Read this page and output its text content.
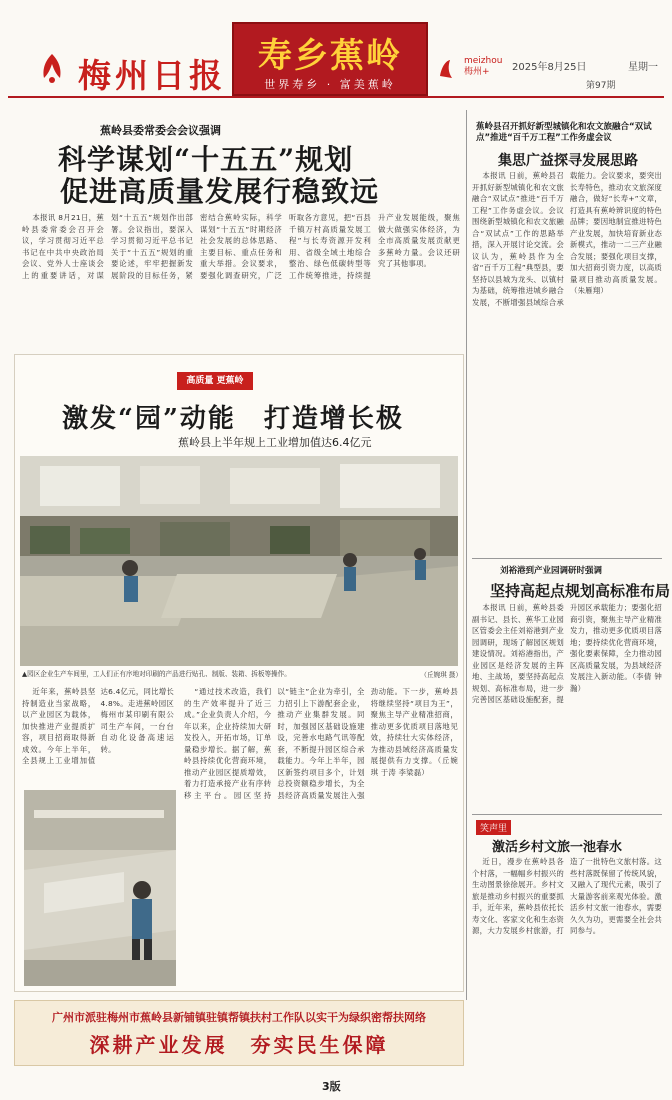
梅州日报 寿乡蕉岭
世界寿乡 · 富美蕉岭
meizhou
梅州+	2025年8月25日	星期一
第97期
蕉岭县委常委会会议强调
科学谋划“十五五”规划
促进高质量发展行稳致远

本报讯 8月21日，蕉岭县委常委会召开会议，学习贯彻习近平总书记在中共中央政治局会议、党外人士座谈会上的重要讲话，对谋划“十五五”规划作出部署。会议指出，要深入学习贯彻习近平总书记关于“十五五”规划的重要论述，牢牢把握新发展阶段的目标任务，紧密结合蕉岭实际，科学谋划“十五五”时期经济社会发展的总体思路、主要目标、重点任务和重大举措。会议要求，要强化调查研究，广泛听取各方意见，把“百县千镇万村高质量发展工程”与长寿资源开发利用、省级全域土地综合整治、绿色低碳转型等工作统筹推进，持续提升产业发展能级，聚焦做大做强实体经济，为全市高质量发展贡献更多蕉岭力量。会议还研究了其他事项。

蕉岭县召开抓好新型城镇化和农文旅融合“双试点”推进“百千万工程”工作务虚会议
集思广益探寻发展思路

本报讯 日前，蕉岭县召开抓好新型城镇化和农文旅融合“双试点”推进“百千万工程”工作务虚会议。会议围绕新型城镇化和农文旅融合“双试点”工作的思路举措，深入开展讨论交流。会议认为，蕉岭县作为全省“百千万工程”典型县，要坚持以县城为龙头、以镇村为基础，统筹推进城乡融合发展，不断增强县域综合承载能力。会议要求，要突出长寿特色，推动农文旅深度融合，做好“长寿+”文章，打造具有蕉岭辨识度的特色品牌；要因地制宜推进特色产业发展，加快培育新业态新模式，推动一二三产业融合发展；要强化项目支撑，加大招商引资力度，以高质量项目推动高质量发展。（朱雁翔）

高质量 更蕉岭
激发“园”动能　打造增长极
蕉岭县上半年规上工业增加值达6.4亿元
▲园区企业生产车间里，工人们正有序地对印刷的产品进行贴孔、制版、装箱、拆板等操作。	（丘婉琪 摄）

近年来，蕉岭县坚持制造业当家战略，以产业园区为载体，加快推进产业提质扩容，项目招商取得新成效。今年上半年，全县规上工业增加值达6.4亿元，同比增长4.8%。走进蕉岭园区梅州市某印刷有限公司生产车间，一台台自动化设备高速运转。

“通过技术改造，我们的生产效率提升了近三成。”企业负责人介绍，今年以来，企业持续加大研发投入，开拓市场，订单量稳步增长。据了解，蕉岭县持续优化营商环境，推动产业园区提质增效，着力打造承接产业有序转移主平台。园区坚持以“链主”企业为牵引，全力招引上下游配套企业，推动产业集群发展。同时，加强园区基础设施建设，完善水电路气讯等配套，不断提升园区综合承载能力。今年上半年，园区新签约项目多个，计划总投资额稳步增长，为全县经济高质量发展注入强劲动能。下一步，蕉岭县将继续坚持“项目为王”，聚焦主导产业精准招商，推动更多优质项目落地见效，持续壮大实体经济，为推动县域经济高质量发展提供有力支撑。（丘婉琪 于涛 李梁磊）

刘裕港到产业园调研时强调
坚持高起点规划高标准布局

本报讯 日前，蕉岭县委副书记、县长、蕉华工业园区管委会主任刘裕港到产业园调研，现场了解园区规划建设情况。刘裕港指出，产业园区是经济发展的主阵地、主战场，要坚持高起点规划、高标准布局，进一步完善园区基础设施配套，提升园区承载能力；要强化招商引资，聚焦主导产业精准发力，推动更多优质项目落地；要持续优化营商环境，强化要素保障，全力推动园区高质量发展，为县域经济发展注入新动能。（李倩 钟瀚）

笑声里
激活乡村文旅一池春水

近日，漫步在蕉岭县各个村落，一幅幅乡村振兴的生动图景徐徐展开。乡村文旅是推动乡村振兴的重要抓手，近年来，蕉岭县依托长寿文化、客家文化和生态资源，大力发展乡村旅游，打造了一批特色文旅村落。这些村落既保留了传统风貌，又融入了现代元素，吸引了大量游客前来观光体验。激活乡村文旅一池春水，需要久久为功，更需要全社会共同参与。

广州市派驻梅州市蕉岭县新铺镇驻镇帮镇扶村工作队以实干为绿织密帮扶网络
深耕产业发展　夯实民生保障
3版
